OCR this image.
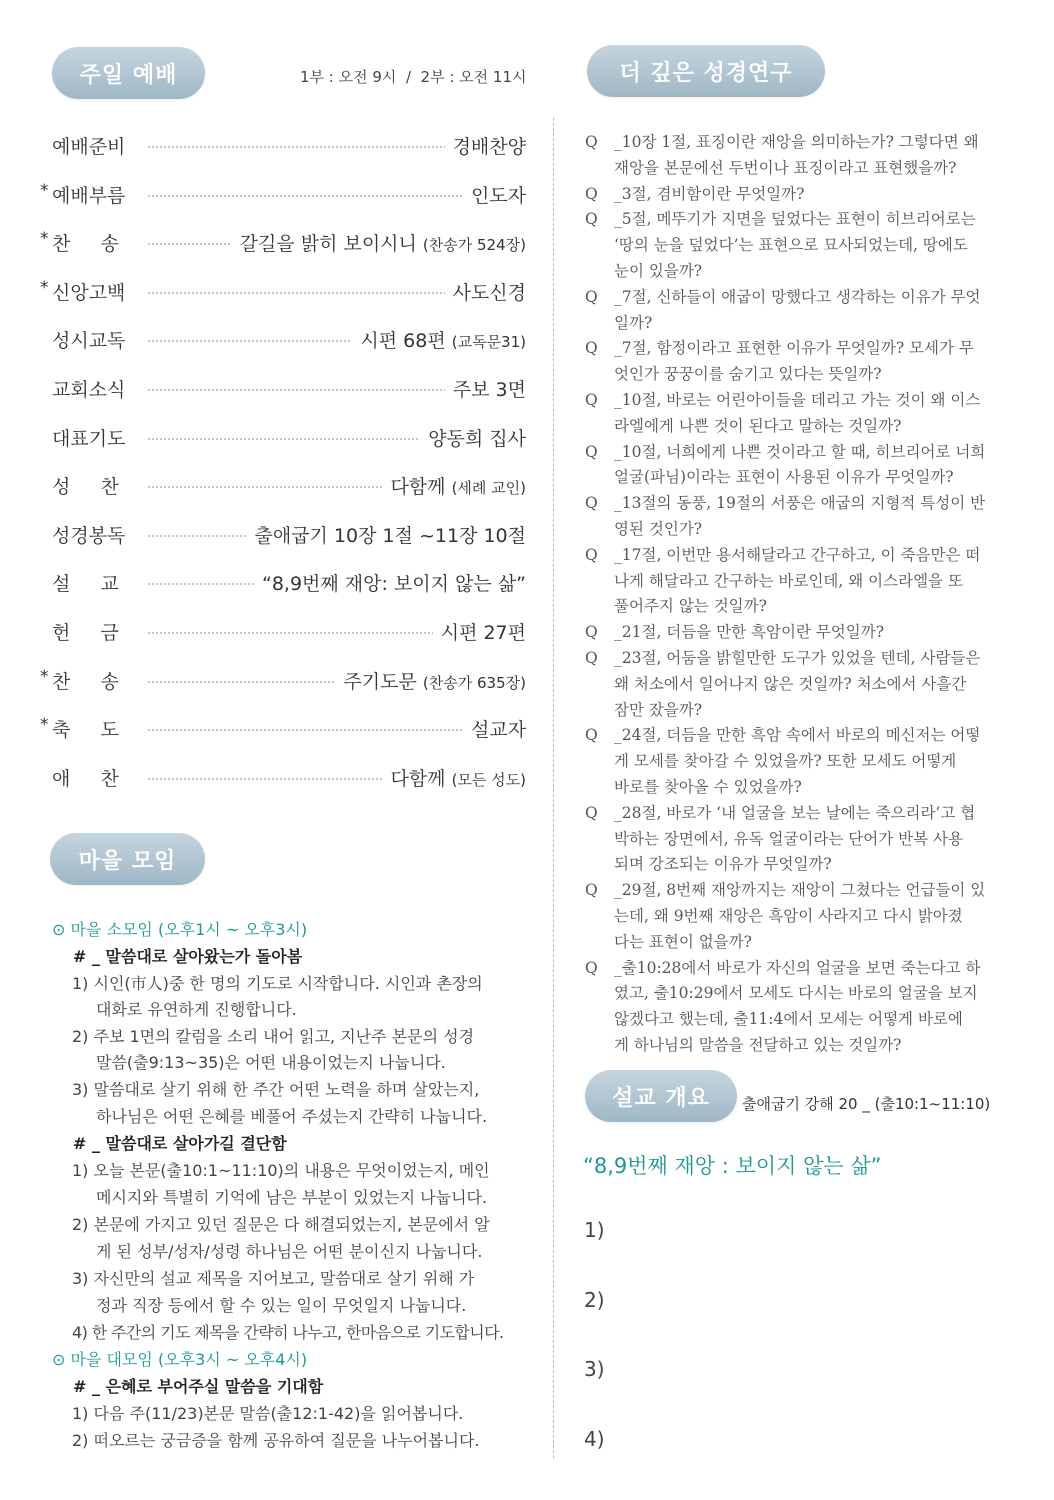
주일 예배	1부 : 오전 9시  /  2부 : 오전 11시	더 깊은 성경연구
예배준비	경배찬양
* 예배부름	인도자
* 찬     송	갈길을 밝히 보이시니 (찬송가 524장)
* 신앙고백	사도신경
성시교독	시편 68편 (교독문31)
교회소식	주보 3면
대표기도	양동희 집사
성     찬	다함께 (세례 교인)
성경봉독	출애굽기 10장 1절 ~11장 10절
설     교	“8,9번째 재앙: 보이지 않는 삶”
헌     금	시편 27편
* 찬     송	주기도문 (찬송가 635장)
* 축     도	설교자
애     찬	다함께 (모든 성도)
마을 모임
⊙ 마을 소모임 (오후1시 ~ 오후3시)
# _ 말씀대로 살아왔는가 돌아봄
1) 시인(市人)중 한 명의 기도로 시작합니다. 시인과 촌장의
대화로 유연하게 진행합니다.
2) 주보 1면의 칼럼을 소리 내어 읽고, 지난주 본문의 성경
말씀(출9:13~35)은 어떤 내용이었는지 나눕니다.
3) 말씀대로 살기 위해 한 주간 어떤 노력을 하며 살았는지,
하나님은 어떤 은혜를 베풀어 주셨는지 간략히 나눕니다.
# _ 말씀대로 살아가길 결단함
1) 오늘 본문(출10:1~11:10)의 내용은 무엇이었는지, 메인
메시지와 특별히 기억에 남은 부분이 있었는지 나눕니다.
2) 본문에 가지고 있던 질문은 다 해결되었는지, 본문에서 알
게 된 성부/성자/성령 하나님은 어떤 분이신지 나눕니다.
3) 자신만의 설교 제목을 지어보고, 말씀대로 살기 위해 가
정과 직장 등에서 할 수 있는 일이 무엇일지 나눕니다.
4) 한 주간의 기도 제목을 간략히 나누고, 한마음으로 기도합니다.
⊙ 마을 대모임 (오후3시 ~ 오후4시)
# _ 은혜로 부어주실 말씀을 기대함
1) 다음 주(11/23)본문 말씀(출12:1-42)을 읽어봅니다.
2) 떠오르는 궁금증을 함께 공유하여 질문을 나누어봅니다.
Q	_10장 1절, 표징이란 재앙을 의미하는가? 그렇다면 왜
재앙을 본문에선 두번이나 표징이라고 표현했을까?
Q	_3절, 겸비함이란 무엇일까?
Q	_5절, 메뚜기가 지면을 덮었다는 표현이 히브리어로는
‘땅의 눈을 덮었다’는 표현으로 묘사되었는데, 땅에도
눈이 있을까?
Q	_7절, 신하들이 애굽이 망했다고 생각하는 이유가 무엇
일까?
Q	_7절, 함정이라고 표현한 이유가 무엇일까? 모세가 무
엇인가 꿍꿍이를 숨기고 있다는 뜻일까?
Q	_10절, 바로는 어린아이들을 데리고 가는 것이 왜 이스
라엘에게 나쁜 것이 된다고 말하는 것일까?
Q	_10절, 너희에게 나쁜 것이라고 할 때, 히브리어로 너희
얼굴(파님)이라는 표현이 사용된 이유가 무엇일까?
Q	_13절의 동풍, 19절의 서풍은 애굽의 지형적 특성이 반
영된 것인가?
Q	_17절, 이번만 용서해달라고 간구하고, 이 죽음만은 떠
나게 해달라고 간구하는 바로인데, 왜 이스라엘을 또
풀어주지 않는 것일까?
Q	_21절, 더듬을 만한 흑암이란 무엇일까?
Q	_23절, 어둠을 밝힐만한 도구가 있었을 텐데, 사람들은
왜 처소에서 일어나지 않은 것일까? 처소에서 사흘간
잠만 잤을까?
Q	_24절, 더듬을 만한 흑암 속에서 바로의 메신저는 어떻
게 모세를 찾아갈 수 있었을까? 또한 모세도 어떻게
바로를 찾아올 수 있었을까?
Q	_28절, 바로가 ‘내 얼굴을 보는 날에는 죽으리라’고 협
박하는 장면에서, 유독 얼굴이라는 단어가 반복 사용
되며 강조되는 이유가 무엇일까?
Q	_29절, 8번째 재앙까지는 재앙이 그쳤다는 언급들이 있
는데, 왜 9번째 재앙은 흑암이 사라지고 다시 밝아졌
다는 표현이 없을까?
Q	_출10:28에서 바로가 자신의 얼굴을 보면 죽는다고 하
였고, 출10:29에서 모세도 다시는 바로의 얼굴을 보지
않겠다고 했는데, 출11:4에서 모세는 어떻게 바로에
게 하나님의 말씀을 전달하고 있는 것일까?
설교 개요	출애굽기 강해 20 _ (출10:1~11:10)
“8,9번째 재앙 : 보이지 않는 삶”
1)
2)
3)
4)
